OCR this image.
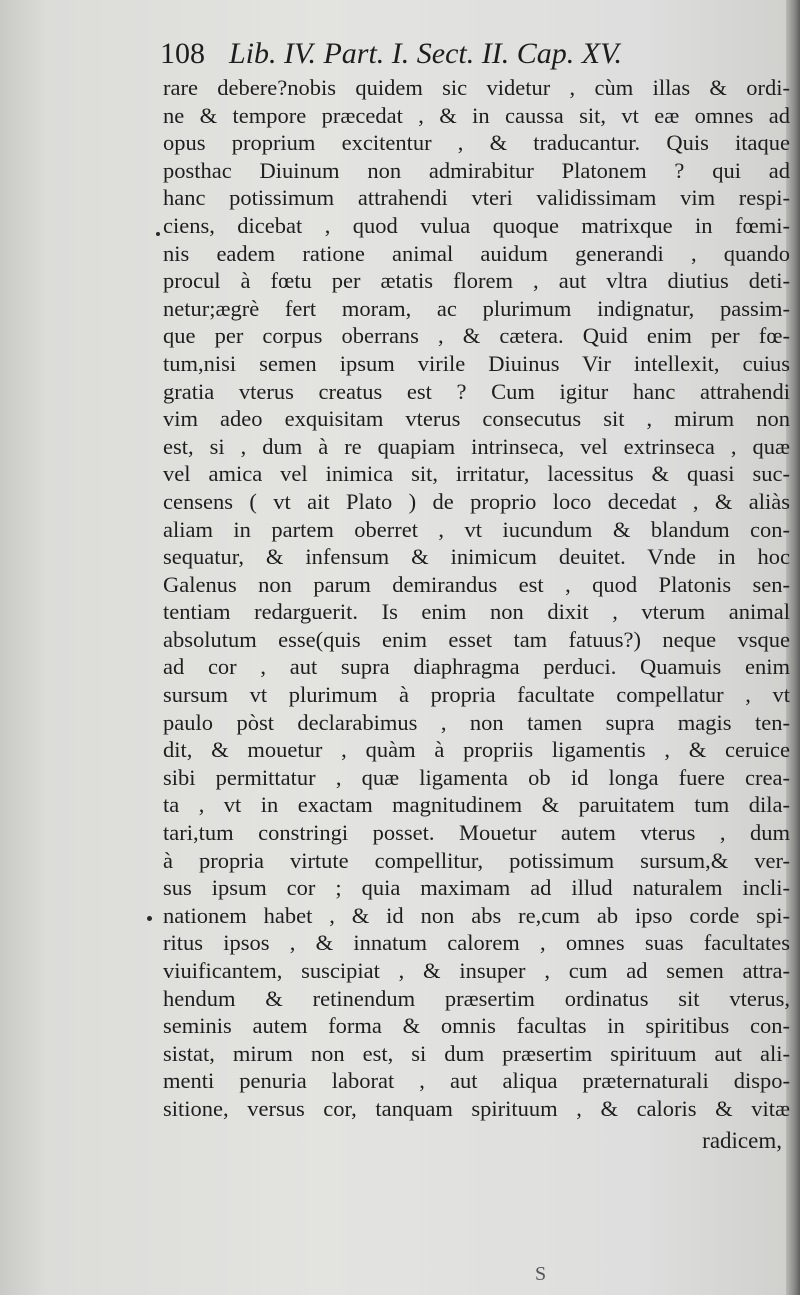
108 Lib. IV. Part. I. Sect. II. Cap. XV.
rare debere?nobis quidem sic videtur , cùm illas & ordi-
ne & tempore præcedat , & in caussa sit, vt eæ omnes ad
opus proprium excitentur , & traducantur. Quis itaque
posthac Diuinum non admirabitur Platonem ? qui ad
hanc potissimum attrahendi vteri validissimam vim respi-
ciens, dicebat , quod vulua quoque matrixque in fœmi-
nis eadem ratione animal auidum generandi , quando
procul à fœtu per ætatis florem , aut vltra diutius deti-
netur;ægrè fert moram, ac plurimum indignatur, passim-
que per corpus oberrans , & cætera. Quid enim per fœ-
tum,nisi semen ipsum virile Diuinus Vir intellexit, cuius
gratia vterus creatus est ? Cum igitur hanc attrahendi
vim adeo exquisitam vterus consecutus sit , mirum non
est, si , dum à re quapiam intrinseca, vel extrinseca , quæ
vel amica vel inimica sit, irritatur, lacessitus & quasi suc-
censens ( vt ait Plato ) de proprio loco decedat , & aliàs
aliam in partem oberret , vt iucundum & blandum con-
sequatur, & infensum & inimicum deuitet. Vnde in hoc
Galenus non parum demirandus est , quod Platonis sen-
tentiam redarguerit. Is enim non dixit , vterum animal
absolutum esse(quis enim esset tam fatuus?) neque vsque
ad cor , aut supra diaphragma perduci. Quamuis enim
sursum vt plurimum à propria facultate compellatur , vt
paulo pòst declarabimus , non tamen supra magis ten-
dit, & mouetur , quàm à propriis ligamentis , & ceruice
sibi permittatur , quæ ligamenta ob id longa fuere crea-
ta , vt in exactam magnitudinem & paruitatem tum dila-
tari,tum constringi posset. Mouetur autem vterus , dum
à propria virtute compellitur, potissimum sursum,& ver-
sus ipsum cor ; quia maximam ad illud naturalem incli-
nationem habet , & id non abs re,cum ab ipso corde spi-
ritus ipsos , & innatum calorem , omnes suas facultates
viuificantem, suscipiat , & insuper , cum ad semen attra-
hendum & retinendum præsertim ordinatus sit vterus,
seminis autem forma & omnis facultas in spiritibus con-
sistat, mirum non est, si dum præsertim spirituum aut ali-
menti penuria laborat , aut aliqua præternaturali dispo-
sitione, versus cor, tanquam spirituum , & caloris & vitæ
radicem,
S
